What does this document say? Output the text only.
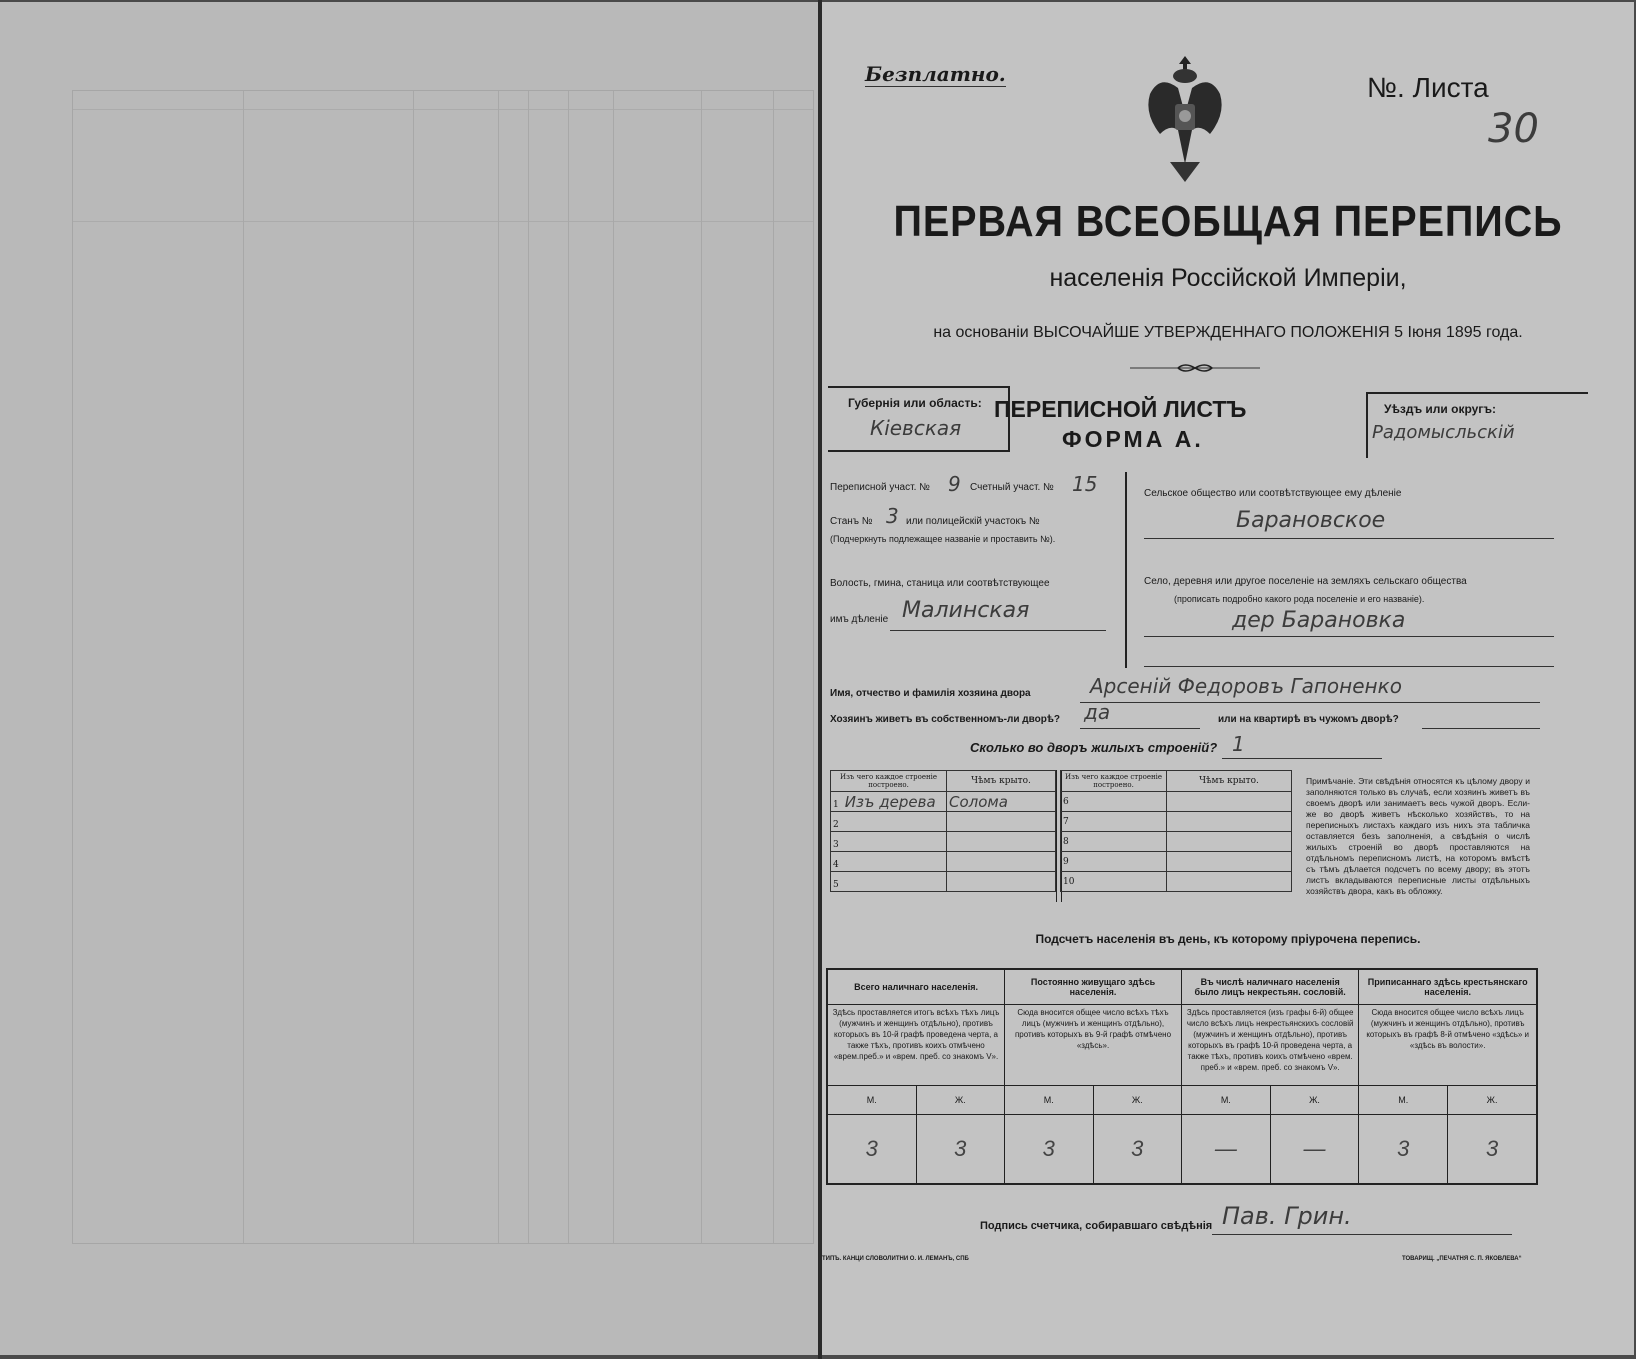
Безплатно.	№. Листа
30
ПЕРВАЯ ВСЕОБЩАЯ ПЕРЕПИСЬ
населенія Россійской Имперіи,
на основаніи ВЫСОЧАЙШЕ УТВЕРЖДЕННАГО ПОЛОЖЕНІЯ 5 Іюня 1895 года.
Губернія или область:
Кіевская
ПЕРЕПИСНОЙ ЛИСТЪ
ФОРМА А.
Уѣздъ или округъ:
Радомысльскій
Переписной участ. № 9 Счетный участ. № 15
Станъ № 3 или полицейскій участокъ №
(Подчеркнуть подлежащее названіе и проставить №).
Волость, гмина, станица или соотвѣтствующее
имъ дѣленіе Малинская
Сельское общество или соотвѣтствующее ему дѣленіе
Барановское
Село, деревня или другое поселеніе на земляхъ сельскаго общества
(прописать подробно какого рода поселеніе и его названіе).
дер Барановка
Имя, отчество и фамилія хозяина двора	Арсеній Федоровъ Гапоненко
Хозяинъ живетъ въ собственномъ-ли дворѣ? да	или на квартирѣ въ чужомъ дворѣ?
Сколько во дворъ жилыхъ строеній? 1
Изъ чего каждое строеніе построено.	Чѣмъ крыто.
1 Изъ дерева	Солома
2	
3	
4	
5	
Изъ чего каждое строеніе построено.	Чѣмъ крыто.
6	
7	
8	
9	
10	
Примѣчаніе. Эти свѣдѣнія относятся къ цѣлому двору и заполняются только въ случаѣ, если хозяинъ живетъ въ своемъ дворѣ или занимаетъ весь чужой дворъ. Если-же во дворѣ живетъ нѣсколько хозяйствъ, то на переписныхъ листахъ каждаго изъ нихъ эта табличка оставляется безъ заполненія, а свѣдѣнія о числѣ жилыхъ строеній во дворѣ проставляются на отдѣльномъ переписномъ листѣ, на которомъ вмѣстѣ съ тѣмъ дѣлается подсчетъ по всему двору; въ этотъ листъ вкладываются переписные листы отдѣльныхъ хозяйствъ двора, какъ въ обложку.
Подсчетъ населенія въ день, къ которому пріурочена перепись.
Всего наличнаго населенія.		Постоянно живущаго здѣсь населенія.		Въ числѣ наличнаго населенія было лицъ некрестьян. сословій.		Приписаннаго здѣсь крестьянскаго населенія.	
Здѣсь проставляется итогъ всѣхъ тѣхъ лицъ (мужчинъ и женщинъ отдѣльно), противъ которыхъ въ 10-й графѣ проведена черта, а также тѣхъ, противъ коихъ отмѣчено «врем.преб.» и «врем. преб. со знакомъ V».		Сюда вносится общее число всѣхъ тѣхъ лицъ (мужчинъ и женщинъ отдѣльно), противъ которыхъ въ 9-й графѣ отмѣчено «здѣсь».		Здѣсь проставляется (изъ графы 6-й) общее число всѣхъ лицъ некрестьянскихъ сословій (мужчинъ и женщинъ отдѣльно), противъ которыхъ въ графѣ 10-й проведена черта, а также тѣхъ, противъ коихъ отмѣчено «врем. преб.» и «врем. преб. со знакомъ V».		Сюда вносится общее число всѣхъ лицъ (мужчинъ и женщинъ отдѣльно), противъ которыхъ въ графѣ 8-й отмѣчено «здѣсь» и «здѣсь въ волости».	
М.	Ж.	М.	Ж.	М.	Ж.	М.	Ж.
3	3	3	3	—	—	3	3
Подпись счетчика, собиравшаго свѣдѣнія Пав. Грин.
ТИПЪ. КАНЦИ СЛОВОЛИТНИ О. И. ЛЕМАНЪ, СПБ	ТОВАРИЩ. „ПЕЧАТНЯ С. П. ЯКОВЛЕВА“
